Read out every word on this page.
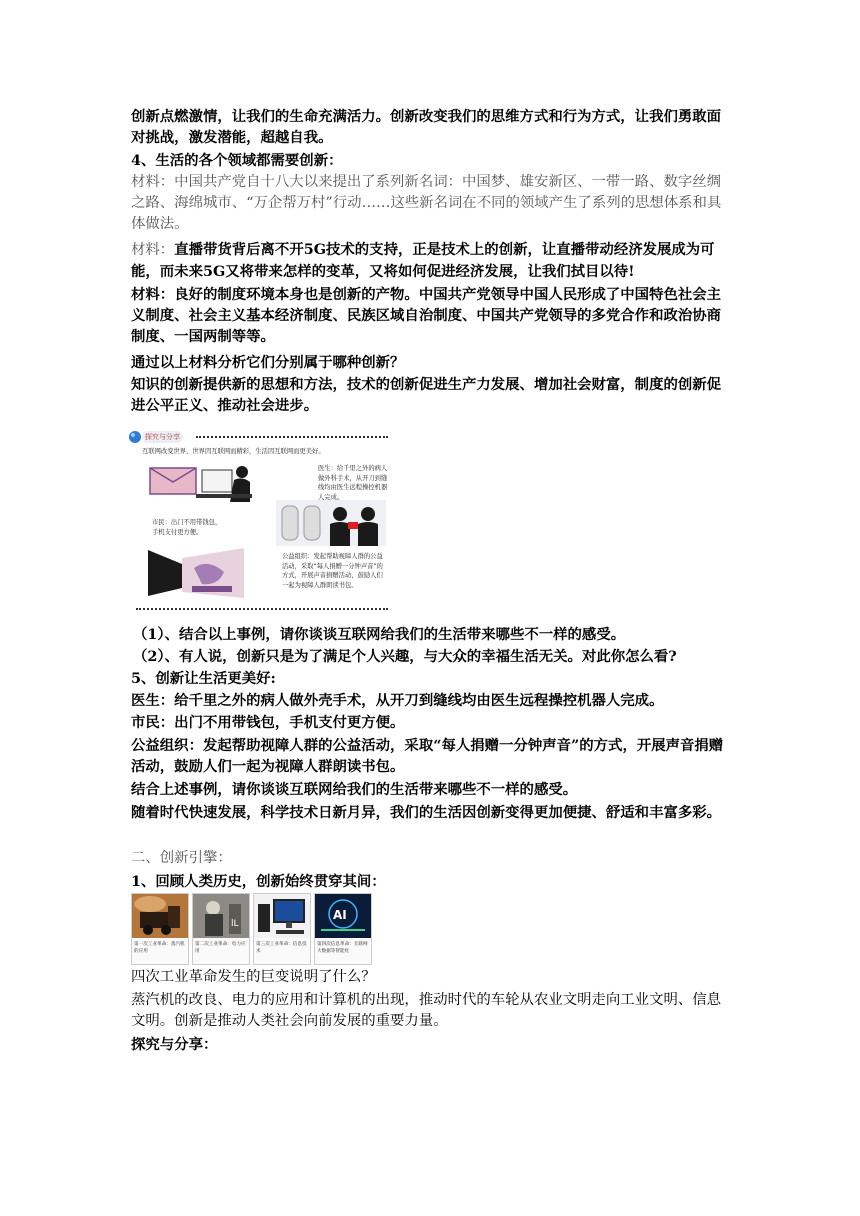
创新点燃激情，让我们的生命充满活力。创新改变我们的思维方式和行为方式，让我们勇敢面对挑战，激发潜能，超越自我。

4、生活的各个领域都需要创新：

材料：中国共产党自十八大以来提出了系列新名词：中国梦、雄安新区、一带一路、数字丝绸之路、海绵城市、“万企帮万村”行动……这些新名词在不同的领域产生了系列的思想体系和具体做法。

材料：直播带货背后离不开5G技术的支持，正是技术上的创新，让直播带动经济发展成为可能，而未来5G又将带来怎样的变革，又将如何促进经济发展，让我们拭目以待!

材料：良好的制度环境本身也是创新的产物。中国共产党领导中国人民形成了中国特色社会主义制度、社会主义基本经济制度、民族区域自治制度、中国共产党领导的多党合作和政治协商制度、一国两制等等。

通过以上材料分析它们分别属于哪种创新？

知识的创新提供新的思想和方法，技术的创新促进生产力发展、增加社会财富，制度的创新促进公平正义、推动社会进步。

探究与分享
互联网改变世界，世界因互联网而精彩，生活因互联网而更美好。
医生：给千里之外的病人做外科手术，从开刀到缝线均由医生远程操控机器人完成。
市民：出门不用带钱包，手机支付更方便。
公益组织：发起帮助视障人群的公益活动，采取“每人捐赠一分钟声音”的方式，开展声音捐赠活动，鼓励人们一起为视障人群朗读书包。

（1）、结合以上事例，请你谈谈互联网给我们的生活带来哪些不一样的感受。

（2）、有人说，创新只是为了满足个人兴趣，与大众的幸福生活无关。对此你怎么看?

5、创新让生活更美好:

医生：给千里之外的病人做外壳手术，从开刀到缝线均由医生远程操控机器人完成。

市民：出门不用带钱包，手机支付更方便。

公益组织：发起帮助视障人群的公益活动，采取“每人捐赠一分钟声音”的方式，开展声音捐赠活动，鼓励人们一起为视障人群朗读书包。

结合上述事例，请你谈谈互联网给我们的生活带来哪些不一样的感受。

随着时代快速发展，科学技术日新月异，我们的生活因创新变得更加便捷、舒适和丰富多彩。

二、创新引擎：

1、回顾人类历史，创新始终贯穿其间：

第一次工业革命：蒸汽机的应用
lL
第二次工业革命：电力应用
第三次工业革命：信息技术
AI
第四次信息革命：互联网大数据等智能化

四次工业革命发生的巨变说明了什么？

蒸汽机的改良、电力的应用和计算机的出现，推动时代的车轮从农业文明走向工业文明、信息文明。创新是推动人类社会向前发展的重要力量。

探究与分享：
